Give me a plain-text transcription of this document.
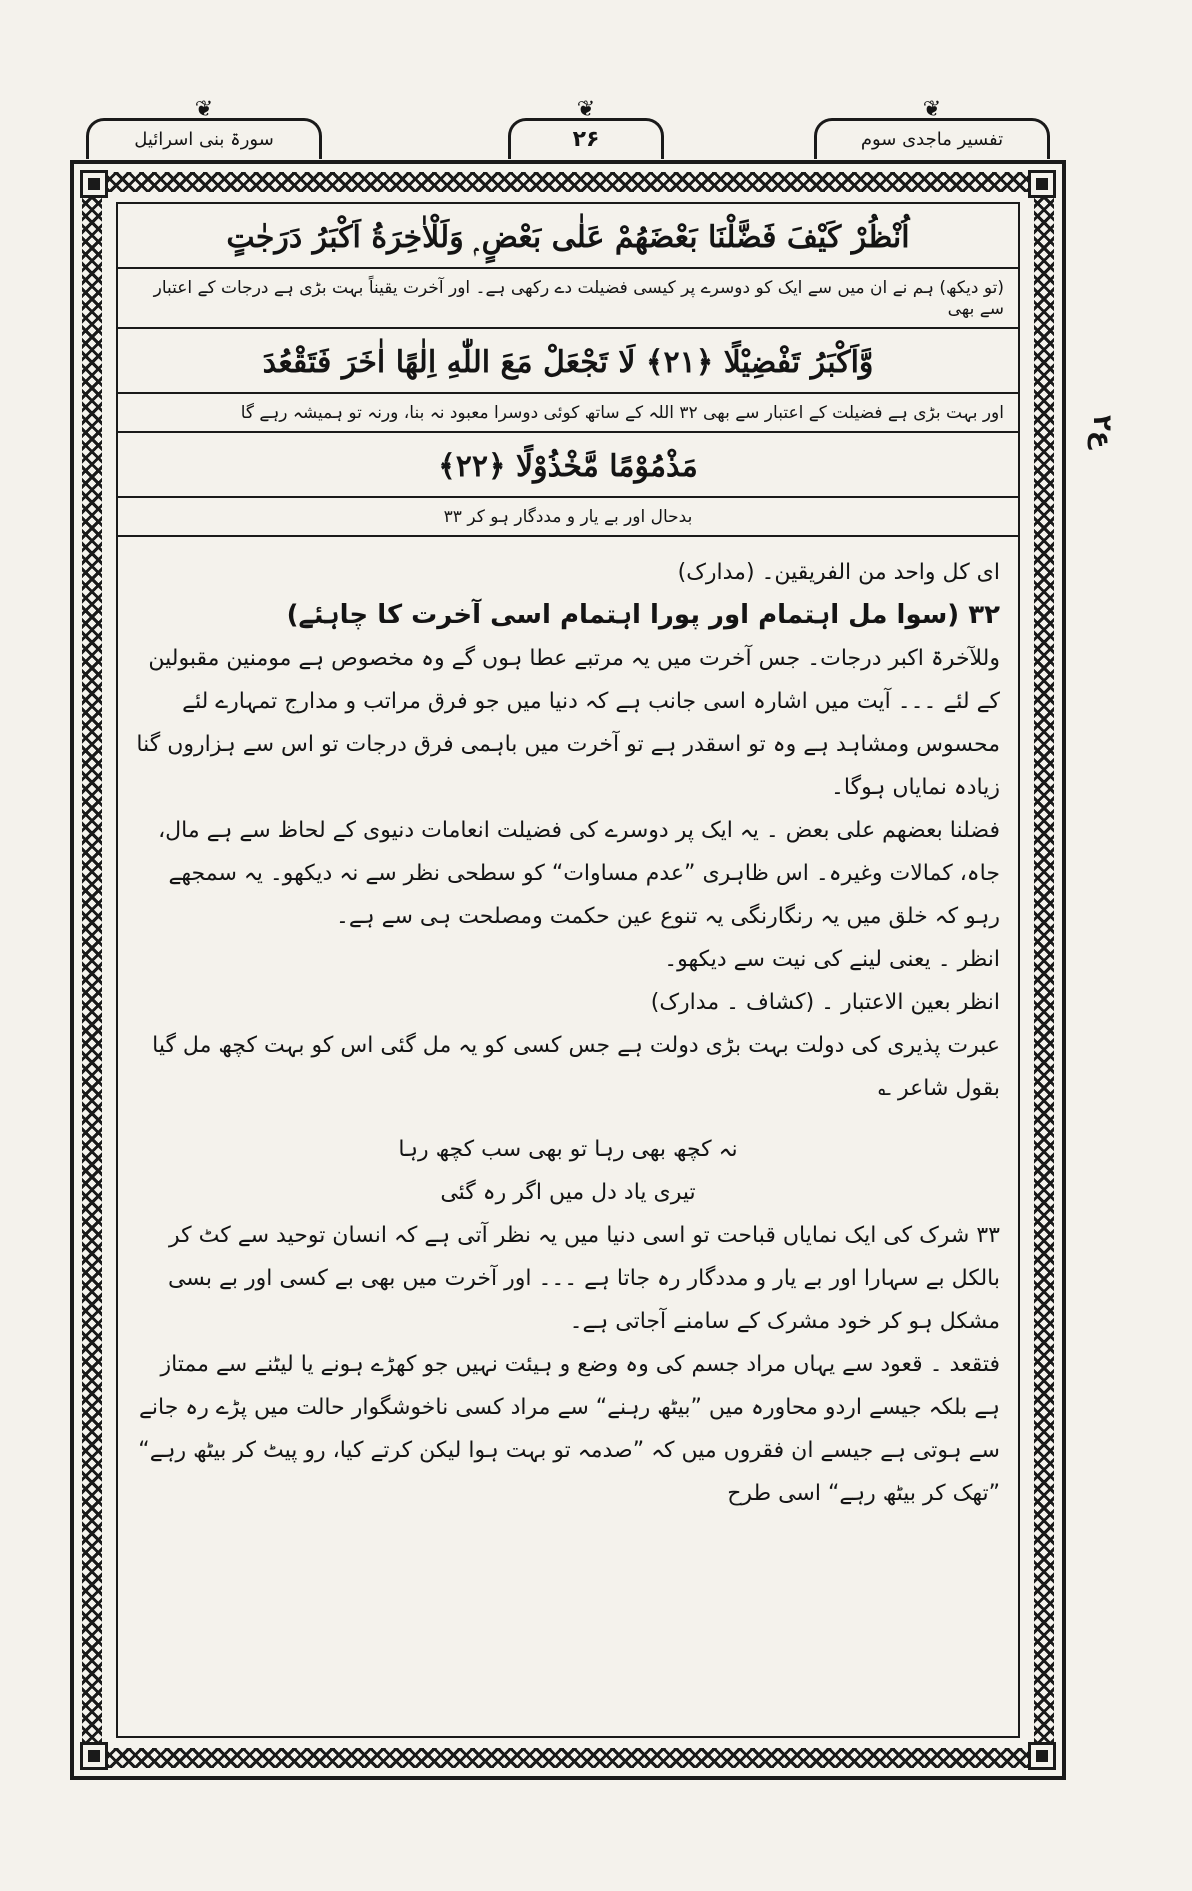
❦
سورۃ بنی اسرائیل
❦
۲۶
❦
تفسیر ماجدی سوم
ع۲
اُنْظُرْ كَيْفَ فَضَّلْنَا بَعْضَهُمْ عَلٰى بَعْضٍ ۭ وَلَلْاٰخِرَةُ اَكْبَرُ دَرَجٰتٍ
(تو دیکھ) ہم نے ان میں سے ایک کو دوسرے پر کیسی فضیلت دے رکھی ہے۔ اور آخرت یقیناً بہت بڑی ہے درجات کے اعتبار سے بھی
وَّاَكْبَرُ تَفْضِيْلًا ﴿۲۱﴾ لَا تَجْعَلْ مَعَ اللّٰهِ اِلٰهًا اٰخَرَ فَتَقْعُدَ
اور بہت بڑی ہے فضیلت کے اعتبار سے بھی ۳۲ اللہ کے ساتھ کوئی دوسرا معبود نہ بنا، ورنہ تو ہمیشہ رہے گا
مَذْمُوْمًا مَّخْذُوْلًا ﴿۲۲﴾
بدحال اور بے یار و مددگار ہو کر ۳۳

ای کل واحد من الفریقین۔ (مدارک)

۳۲ (سوا مل اہتمام اور پورا اہتمام اسی آخرت کا چاہئے)

وللآخرۃ اکبر درجات۔ جس آخرت میں یہ مرتبے عطا ہوں گے وہ مخصوص ہے مومنین مقبولین کے لئے ۔۔۔ آیت میں اشارہ اسی جانب ہے کہ دنیا میں جو فرق مراتب و مدارج تمہارے لئے محسوس ومشاہد ہے وہ تو اسقدر ہے تو آخرت میں باہمی فرق درجات تو اس سے ہزاروں گنا زیادہ نمایاں ہوگا۔

فضلنا بعضھم علی بعض ۔ یہ ایک پر دوسرے کی فضیلت انعامات دنیوی کے لحاظ سے ہے مال، جاہ، کمالات وغیرہ۔ اس ظاہری ”عدم مساوات“ کو سطحی نظر سے نہ دیکھو۔ یہ سمجھے رہو کہ خلق میں یہ رنگارنگی یہ تنوع عین حکمت ومصلحت ہی سے ہے۔

انظر ۔ یعنی لینے کی نیت سے دیکھو۔

انظر بعین الاعتبار ۔ (کشاف ۔ مدارک)

عبرت پذیری کی دولت بہت بڑی دولت ہے جس کسی کو یہ مل گئی اس کو بہت کچھ مل گیا بقول شاعر ؎

نہ کچھ بھی رہا تو بھی سب کچھ رہا

تیری یاد دل میں اگر رہ گئی

۳۳ شرک کی ایک نمایاں قباحت تو اسی دنیا میں یہ نظر آتی ہے کہ انسان توحید سے کٹ کر بالکل بے سہارا اور بے یار و مددگار رہ جاتا ہے ۔۔۔ اور آخرت میں بھی بے کسی اور بے بسی مشکل ہو کر خود مشرک کے سامنے آجاتی ہے۔

فتقعد ۔ قعود سے یہاں مراد جسم کی وہ وضع و ہیئت نہیں جو کھڑے ہونے یا لیٹنے سے ممتاز ہے بلکہ جیسے اردو محاورہ میں ”بیٹھ رہنے“ سے مراد کسی ناخوشگوار حالت میں پڑے رہ جانے سے ہوتی ہے جیسے ان فقروں میں کہ ”صدمہ تو بہت ہوا لیکن کرتے کیا، رو پیٹ کر بیٹھ رہے“ ”تھک کر بیٹھ رہے“ اسی طرح
